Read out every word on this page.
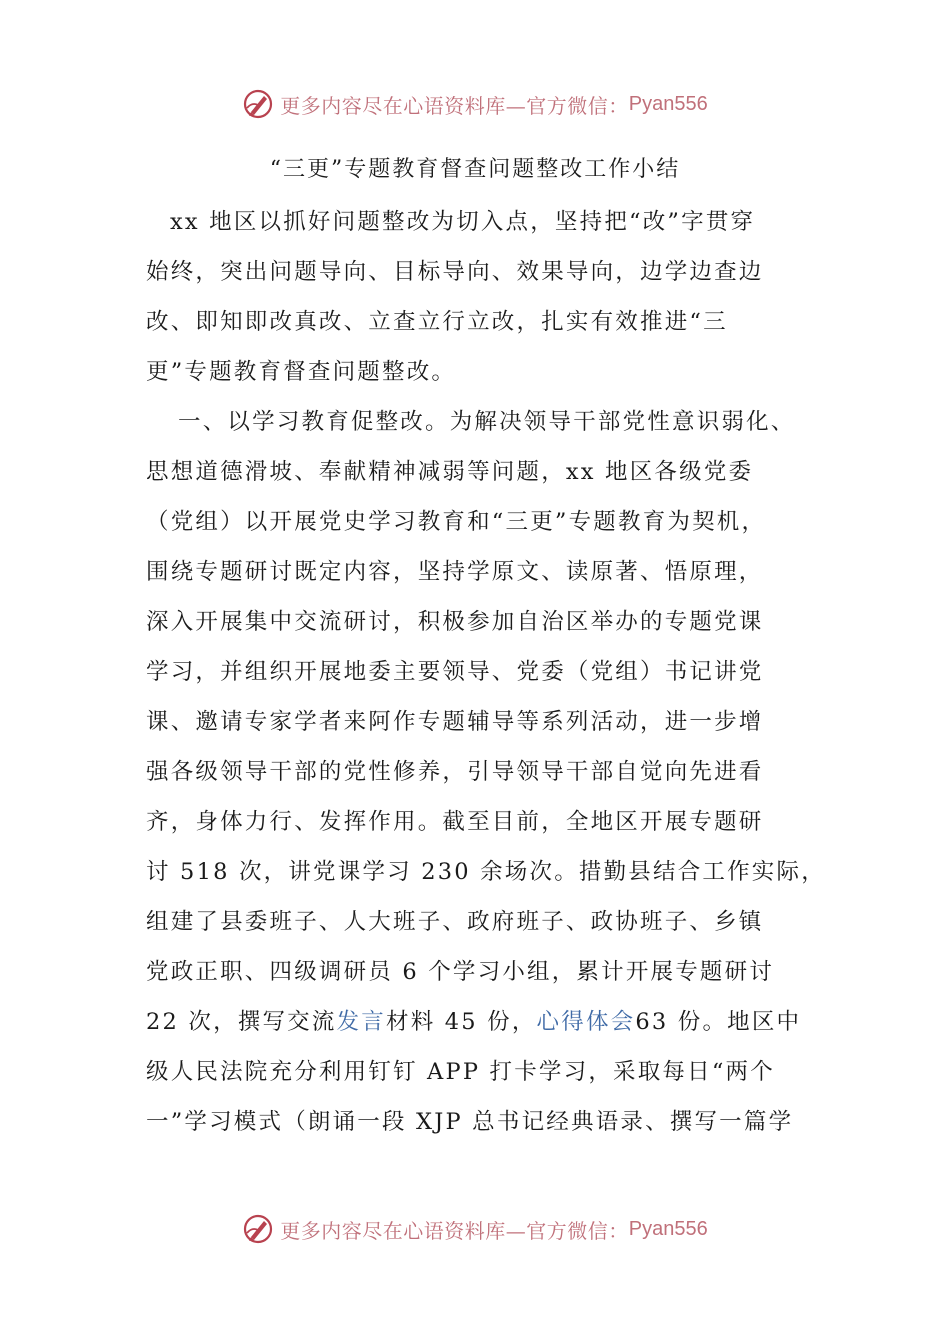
更多内容尽在心语资料库—官方微信： Pyan556
“三更”专题教育督查问题整改工作小结
xx 地区以抓好问题整改为切入点，坚持把“改”字贯穿
始终，突出问题导向、目标导向、效果导向，边学边查边
改、即知即改真改、立查立行立改，扎实有效推进“三
更”专题教育督查问题整改。
一、以学习教育促整改。为解决领导干部党性意识弱化、
思想道德滑坡、奉献精神减弱等问题，xx 地区各级党委
（党组）以开展党史学习教育和“三更”专题教育为契机，
围绕专题研讨既定内容，坚持学原文、读原著、悟原理，
深入开展集中交流研讨，积极参加自治区举办的专题党课
学习，并组织开展地委主要领导、党委（党组）书记讲党
课、邀请专家学者来阿作专题辅导等系列活动，进一步增
强各级领导干部的党性修养，引导领导干部自觉向先进看
齐，身体力行、发挥作用。截至目前，全地区开展专题研
讨 518 次，讲党课学习 230 余场次。措勤县结合工作实际，
组建了县委班子、人大班子、政府班子、政协班子、乡镇
党政正职、四级调研员 6 个学习小组，累计开展专题研讨
22 次，撰写交流发言材料 45 份，心得体会63 份。地区中
级人民法院充分利用钉钉 APP 打卡学习，采取每日“两个
一”学习模式（朗诵一段 XJP 总书记经典语录、撰写一篇学
更多内容尽在心语资料库—官方微信： Pyan556
